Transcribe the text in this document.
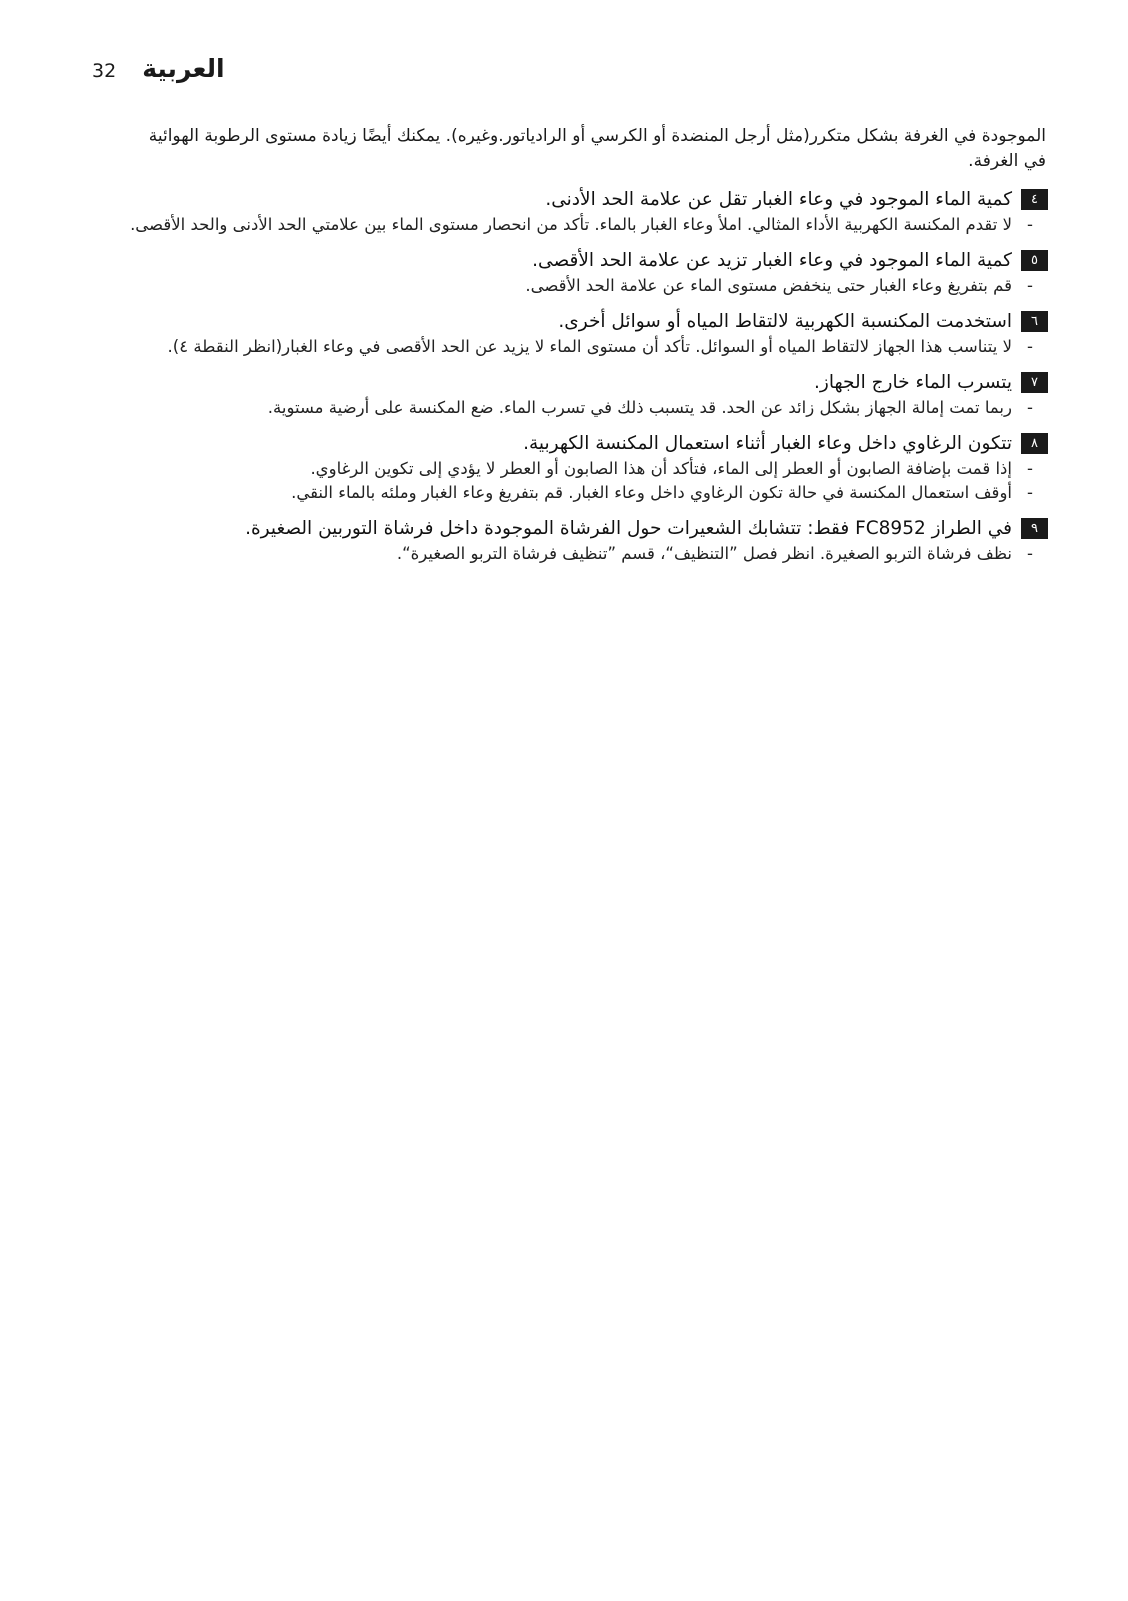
32 العربية

الموجودة في الغرفة بشكل متكرر(مثل أرجل المنضدة أو الكرسي أو الرادياتور.وغيره). يمكنك أيضًا زيادة مستوى الرطوبة الهوائية في الغرفة.

٤
كمية الماء الموجود في وعاء الغبار تقل عن علامة الحد الأدنى.
-
لا تقدم المكنسة الكهربية الأداء المثالي. املأ وعاء الغبار بالماء. تأكد من انحصار مستوى الماء بين علامتي الحد الأدنى والحد الأقصى.
٥
كمية الماء الموجود في وعاء الغبار تزيد عن علامة الحد الأقصى.
-
قم بتفريغ وعاء الغبار حتى ينخفض مستوى الماء عن علامة الحد الأقصى.
٦
استخدمت المكنسبة الكهربية لالتقاط المياه أو سوائل أخرى.
-
لا يتناسب هذا الجهاز لالتقاط المياه أو السوائل. تأكد أن مستوى الماء لا يزيد عن الحد الأقصى في وعاء الغبار(انظر النقطة ٤).
٧
يتسرب الماء خارج الجهاز.
-
ربما تمت إمالة الجهاز بشكل زائد عن الحد. قد يتسبب ذلك في تسرب الماء. ضع المكنسة على أرضية مستوية.
٨
تتكون الرغاوي داخل وعاء الغبار أثناء استعمال المكنسة الكهربية.
-
إذا قمت بإضافة الصابون أو العطر إلى الماء، فتأكد أن هذا الصابون أو العطر لا يؤدي إلى تكوين الرغاوي.
-
أوقف استعمال المكنسة في حالة تكون الرغاوي داخل وعاء الغبار. قم بتفريغ وعاء الغبار وملئه بالماء النقي.
٩
في الطراز FC8952 فقط: تتشابك الشعيرات حول الفرشاة الموجودة داخل فرشاة التوربين الصغيرة.
-
نظف فرشاة التربو الصغيرة. انظر فصل ”التنظيف“، قسم ”تنظيف فرشاة التربو الصغيرة“.
